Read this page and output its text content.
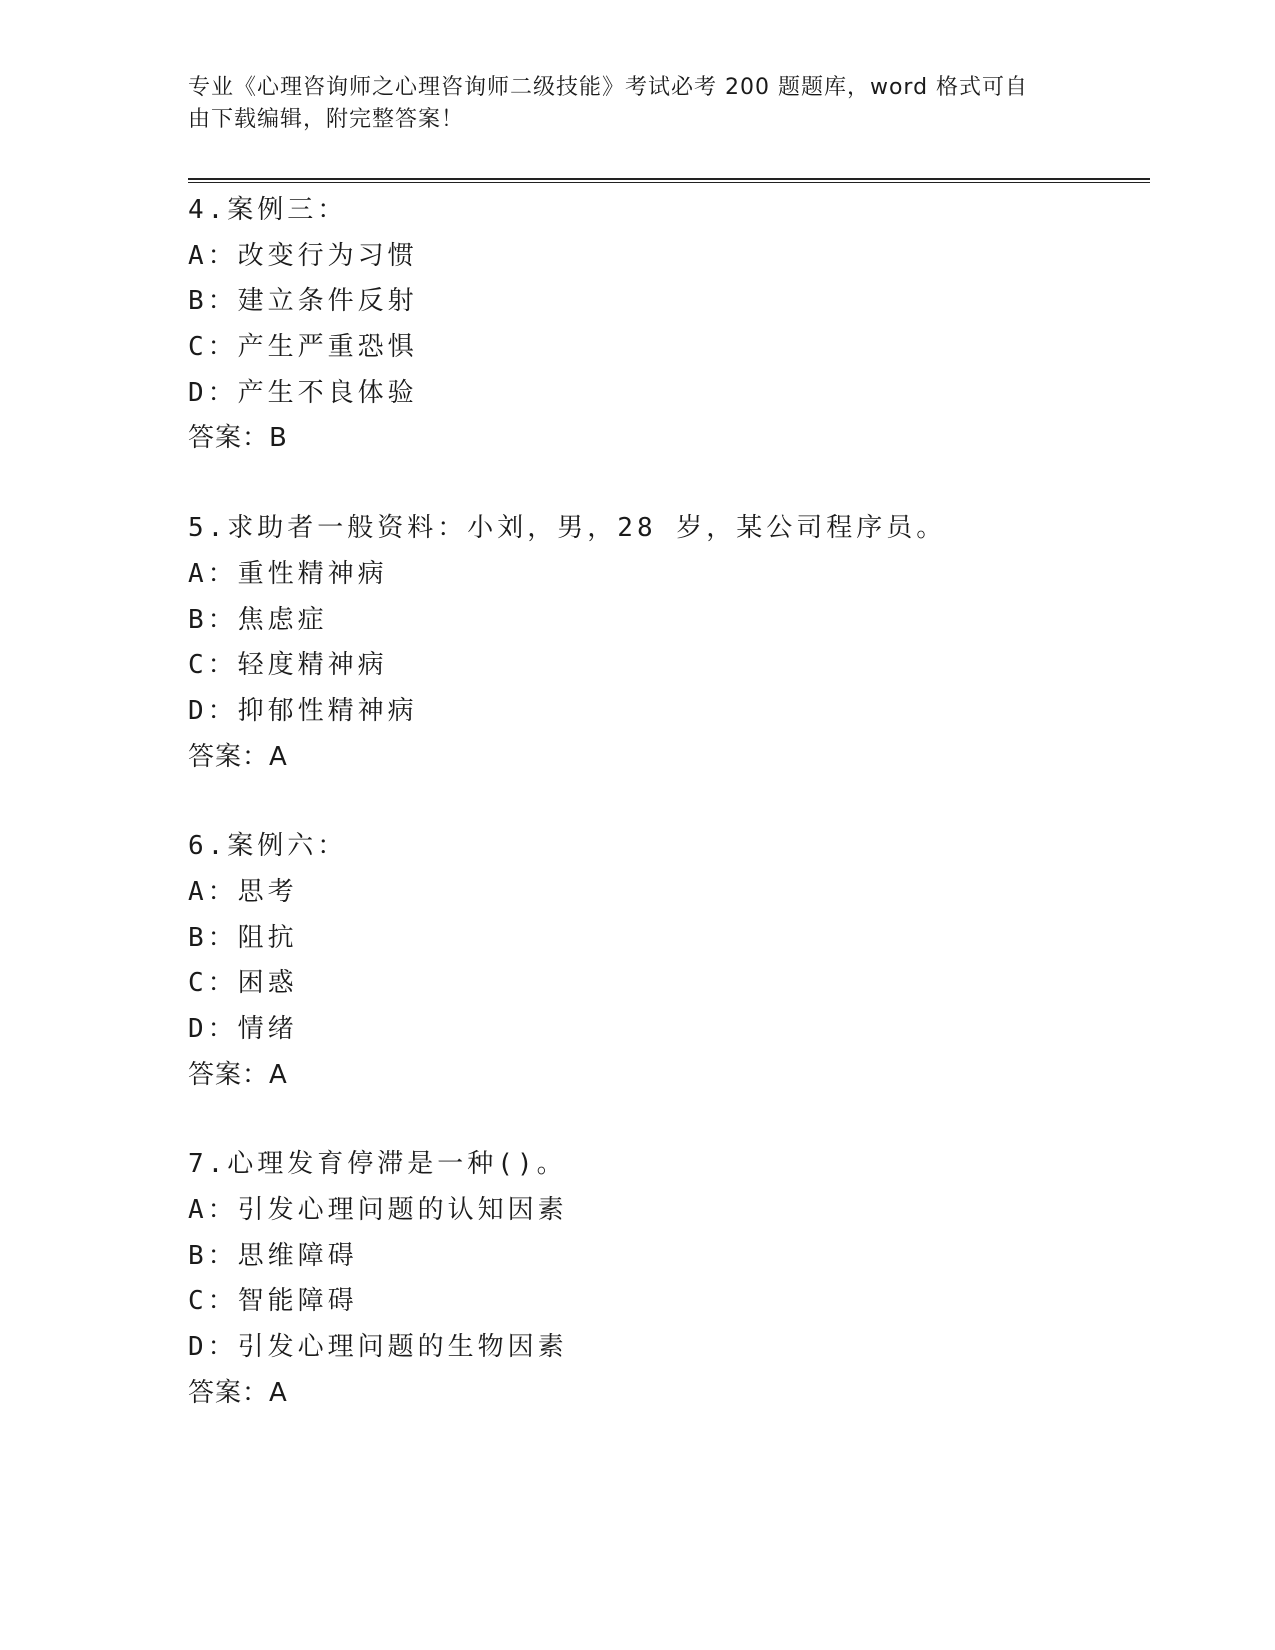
专业《心理咨询师之心理咨询师二级技能》考试必考 200 题题库，word 格式可自
由下载编辑，附完整答案！
4.案例三：
A：改变行为习惯
B：建立条件反射
C：产生严重恐惧
D：产生不良体验
答案：B
5.求助者一般资料：小刘，男，28 岁，某公司程序员。
A：重性精神病
B：焦虑症
C：轻度精神病
D：抑郁性精神病
答案：A
6.案例六：
A：思考
B：阻抗
C：困惑
D：情绪
答案：A
7.心理发育停滞是一种()。
A：引发心理问题的认知因素
B：思维障碍
C：智能障碍
D：引发心理问题的生物因素
答案：A
